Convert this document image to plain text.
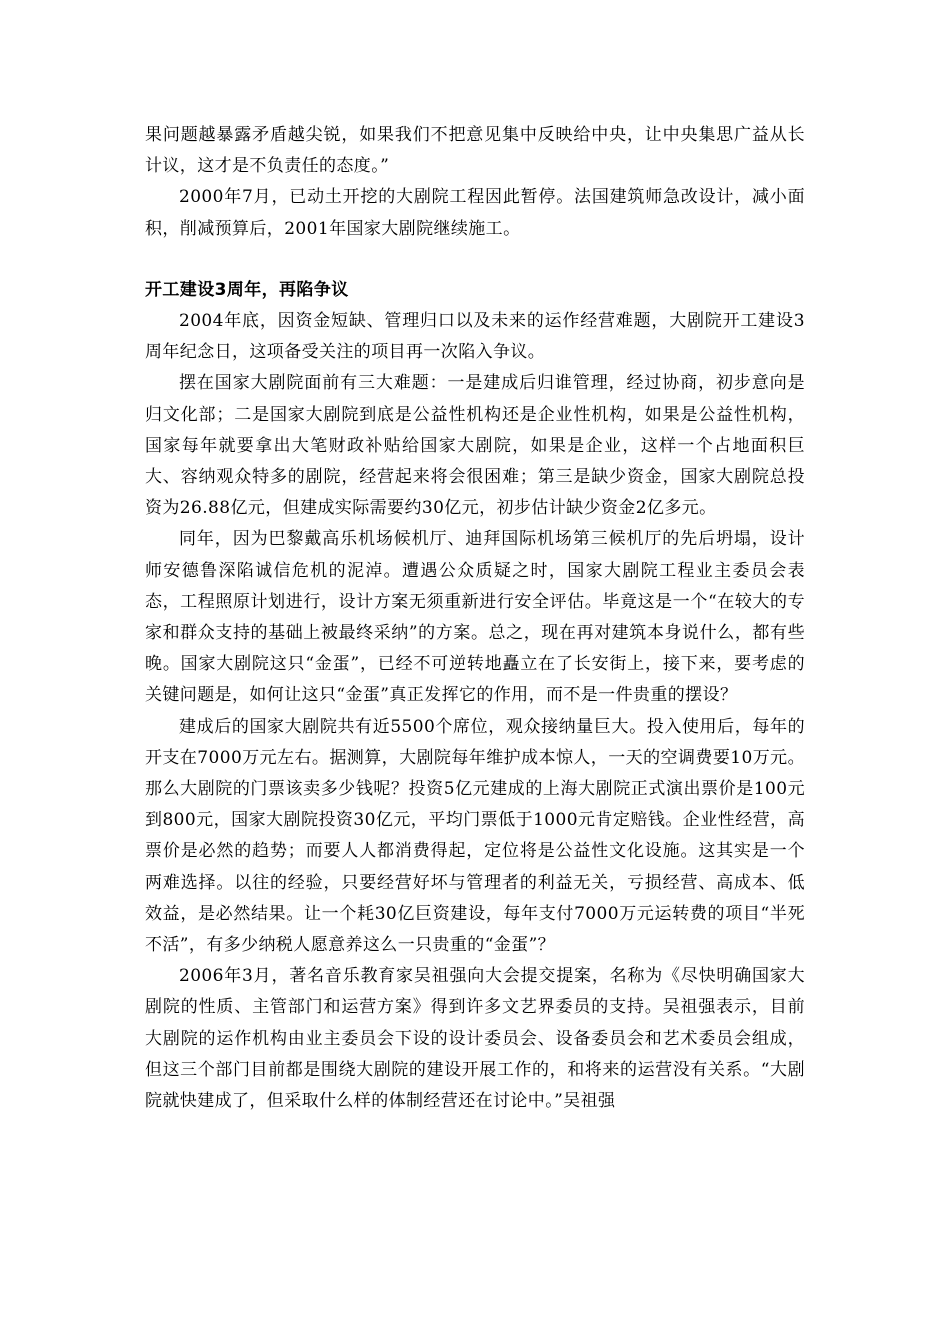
果问题越暴露矛盾越尖锐，如果我们不把意见集中反映给中央，让中央集思广益从长计议，这才是不负责任的态度。”

2000年7月，已动土开挖的大剧院工程因此暂停。法国建筑师急改设计，减小面积，削减预算后，2001年国家大剧院继续施工。

开工建设3周年，再陷争议

2004年底，因资金短缺、管理归口以及未来的运作经营难题，大剧院开工建设3周年纪念日，这项备受关注的项目再一次陷入争议。

摆在国家大剧院面前有三大难题：一是建成后归谁管理，经过协商，初步意向是归文化部；二是国家大剧院到底是公益性机构还是企业性机构，如果是公益性机构，国家每年就要拿出大笔财政补贴给国家大剧院，如果是企业，这样一个占地面积巨大、容纳观众特多的剧院，经营起来将会很困难；第三是缺少资金，国家大剧院总投资为26.88亿元，但建成实际需要约30亿元，初步估计缺少资金2亿多元。

同年，因为巴黎戴高乐机场候机厅、迪拜国际机场第三候机厅的先后坍塌，设计师安德鲁深陷诚信危机的泥淖。遭遇公众质疑之时，国家大剧院工程业主委员会表态，工程照原计划进行，设计方案无须重新进行安全评估。毕竟这是一个“在较大的专家和群众支持的基础上被最终采纳”的方案。总之，现在再对建筑本身说什么，都有些晚。国家大剧院这只“金蛋”，已经不可逆转地矗立在了长安街上，接下来，要考虑的关键问题是，如何让这只“金蛋”真正发挥它的作用，而不是一件贵重的摆设？

建成后的国家大剧院共有近5500个席位，观众接纳量巨大。投入使用后，每年的开支在7000万元左右。据测算，大剧院每年维护成本惊人，一天的空调费要10万元。那么大剧院的门票该卖多少钱呢？投资5亿元建成的上海大剧院正式演出票价是100元到800元，国家大剧院投资30亿元，平均门票低于1000元肯定赔钱。企业性经营，高票价是必然的趋势；而要人人都消费得起，定位将是公益性文化设施。这其实是一个两难选择。以往的经验，只要经营好坏与管理者的利益无关，亏损经营、高成本、低效益，是必然结果。让一个耗30亿巨资建设，每年支付7000万元运转费的项目“半死不活”，有多少纳税人愿意养这么一只贵重的“金蛋”？

2006年3月，著名音乐教育家吴祖强向大会提交提案，名称为《尽快明确国家大剧院的性质、主管部门和运营方案》得到许多文艺界委员的支持。吴祖强表示，目前大剧院的运作机构由业主委员会下设的设计委员会、设备委员会和艺术委员会组成，但这三个部门目前都是围绕大剧院的建设开展工作的，和将来的运营没有关系。“大剧院就快建成了，但采取什么样的体制经营还在讨论中。”吴祖强
